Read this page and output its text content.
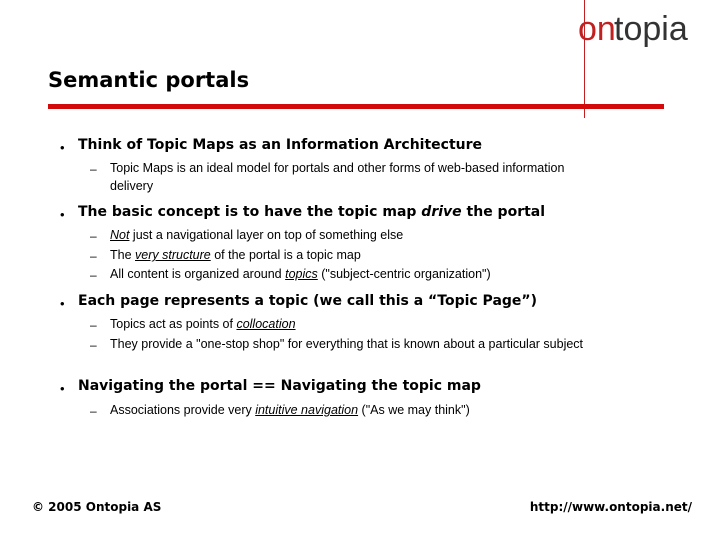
on
topia
Semantic portals
• Think of Topic Maps as an Information Architecture
– Topic Maps is an ideal model for portals and other forms of web-based information delivery
• The basic concept is to have the topic map drive the portal
– Not just a navigational layer on top of something else
– The very structure of the portal is a topic map
– All content is organized around topics ("subject-centric organization")
• Each page represents a topic (we call this a “Topic Page”)
– Topics act as points of collocation
– They provide a "one-stop shop" for everything that is known about a particular subject
• Navigating the portal == Navigating the topic map
– Associations provide very intuitive navigation ("As we may think")
© 2005 Ontopia AS	http://www.ontopia.net/
